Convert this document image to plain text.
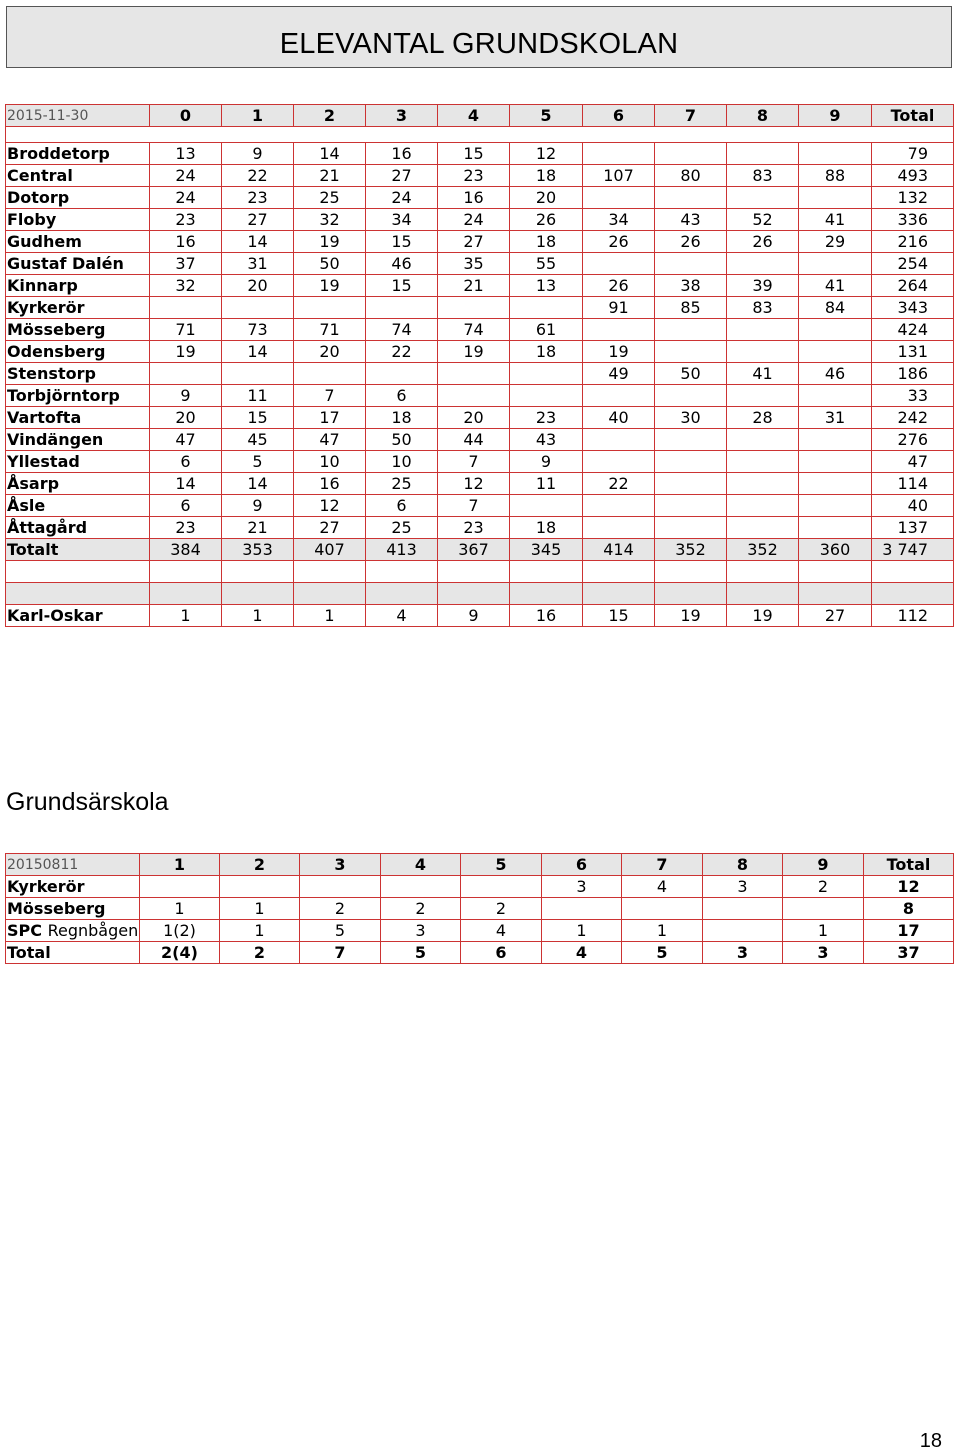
ELEVANTAL GRUNDSKOLAN
2015-11-30	0	1	2	3	4	5	6	7	8	9	Total

Broddetorp	13	9	14	16	15	12					79
Central	24	22	21	27	23	18	107	80	83	88	493
Dotorp	24	23	25	24	16	20					132
Floby	23	27	32	34	24	26	34	43	52	41	336
Gudhem	16	14	19	15	27	18	26	26	26	29	216
Gustaf Dalén	37	31	50	46	35	55					254
Kinnarp	32	20	19	15	21	13	26	38	39	41	264
Kyrkerör							91	85	83	84	343
Mösseberg	71	73	71	74	74	61					424
Odensberg	19	14	20	22	19	18	19				131
Stenstorp							49	50	41	46	186
Torbjörntorp	9	11	7	6							33
Vartofta	20	15	17	18	20	23	40	30	28	31	242
Vindängen	47	45	47	50	44	43					276
Yllestad	6	5	10	10	7	9					47
Åsarp	14	14	16	25	12	11	22				114
Åsle	6	9	12	6	7						40
Åttagård	23	21	27	25	23	18					137
Totalt	384	353	407	413	367	345	414	352	352	360	3 747

Karl-Oskar	1	1	1	4	9	16	15	19	19	27	112
Grundsärskola
20150811	1	2	3	4	5	6	7	8	9	Total
Kyrkerör						3	4	3	2	12
Mösseberg	1	1	2	2	2					8
SPC Regnbågen	1(2)	1	5	3	4	1	1		1	17
Total	2(4)	2	7	5	6	4	5	3	3	37
18
